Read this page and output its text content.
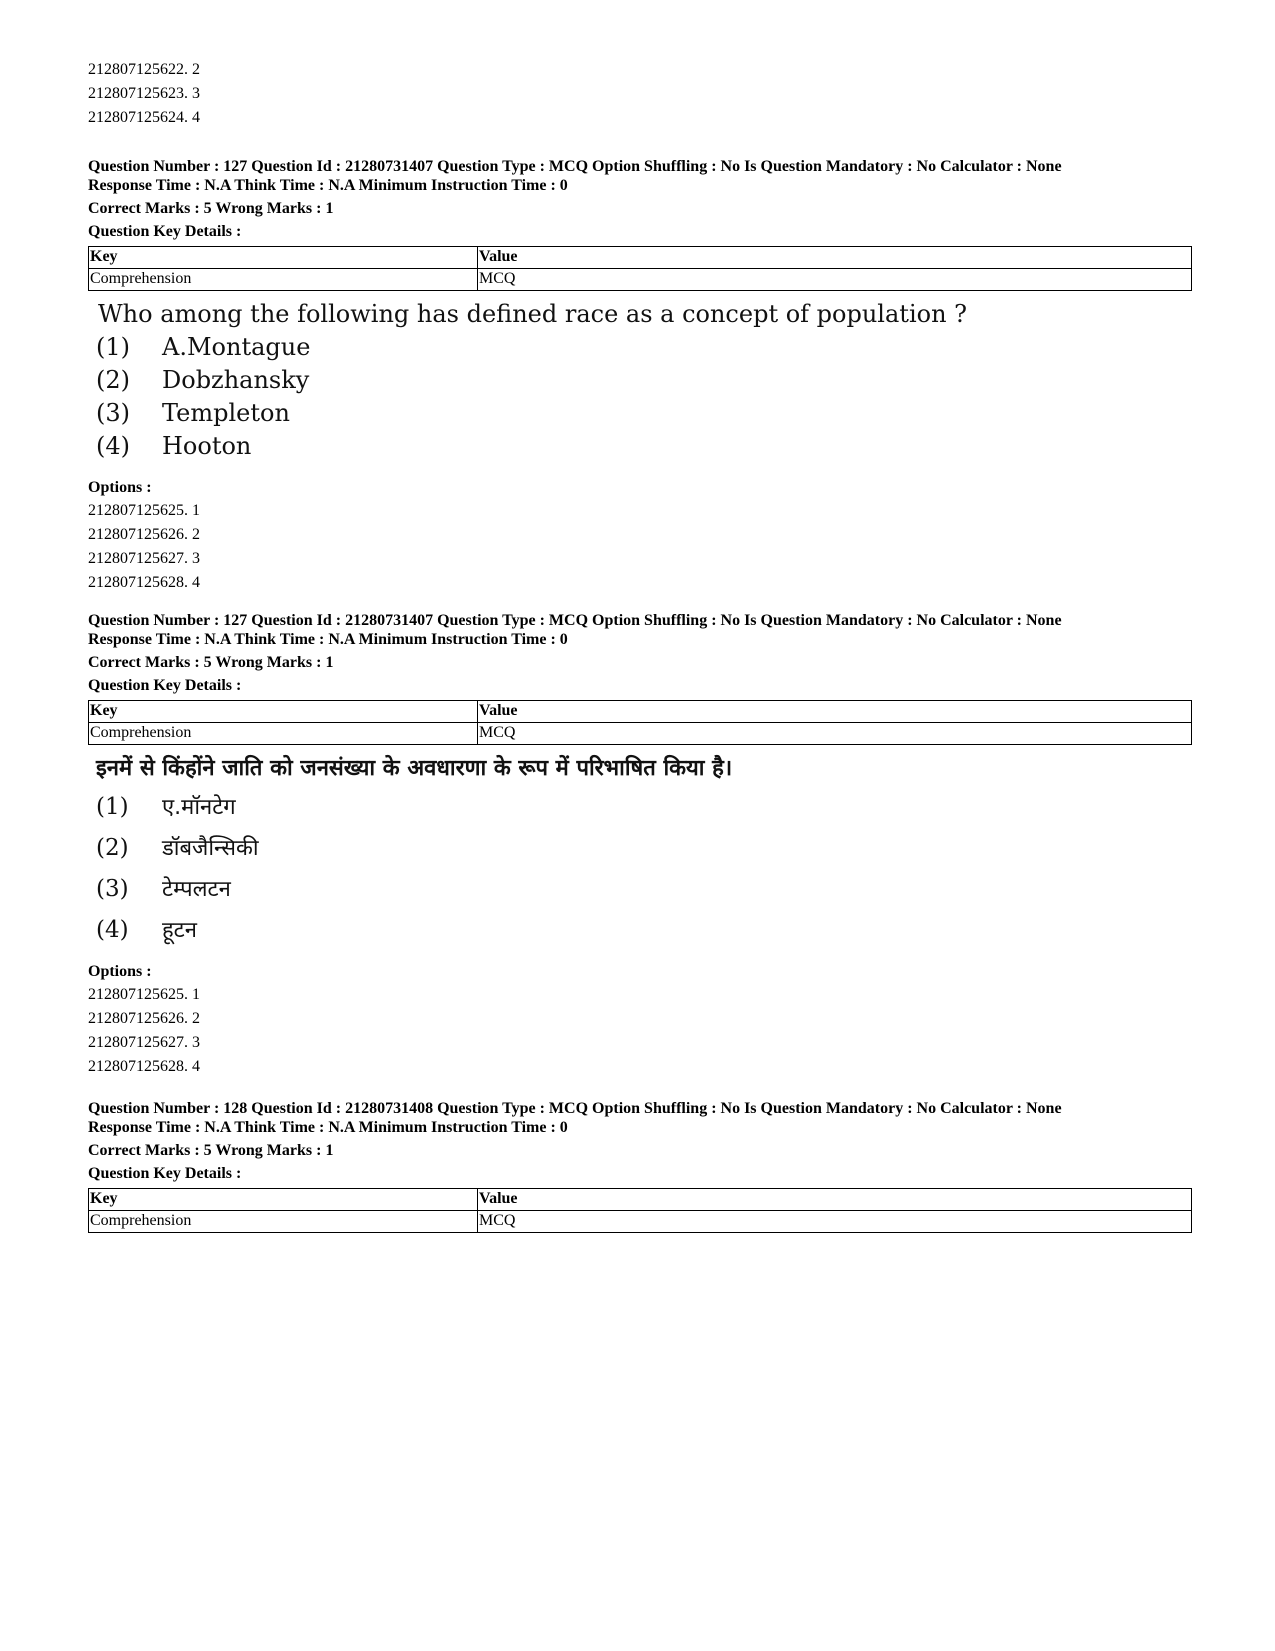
212807125622. 2

212807125623. 3

212807125624. 4

Question Number : 127 Question Id : 21280731407 Question Type : MCQ Option Shuffling : No Is Question Mandatory : No Calculator : None

Response Time : N.A Think Time : N.A Minimum Instruction Time : 0

Correct Marks : 5 Wrong Marks : 1

Question Key Details :

Key	Value
Comprehension	MCQ
Who among the following has defined race as a concept of population ?
(1)	A.Montague
(2)	Dobzhansky
(3)	Templeton
(4)	Hooton

Options :

212807125625. 1

212807125626. 2

212807125627. 3

212807125628. 4

Question Number : 127 Question Id : 21280731407 Question Type : MCQ Option Shuffling : No Is Question Mandatory : No Calculator : None

Response Time : N.A Think Time : N.A Minimum Instruction Time : 0

Correct Marks : 5 Wrong Marks : 1

Question Key Details :

Key	Value
Comprehension	MCQ
इनमें से किंहोंने जाति को जनसंख्या के अवधारणा के रूप में परिभाषित किया है।
(1)	ए.मॉनटेग
(2)	डॉबजैन्सिकी
(3)	टेम्पलटन
(4)	हूटन

Options :

212807125625. 1

212807125626. 2

212807125627. 3

212807125628. 4

Question Number : 128 Question Id : 21280731408 Question Type : MCQ Option Shuffling : No Is Question Mandatory : No Calculator : None

Response Time : N.A Think Time : N.A Minimum Instruction Time : 0

Correct Marks : 5 Wrong Marks : 1

Question Key Details :

Key	Value
Comprehension	MCQ
